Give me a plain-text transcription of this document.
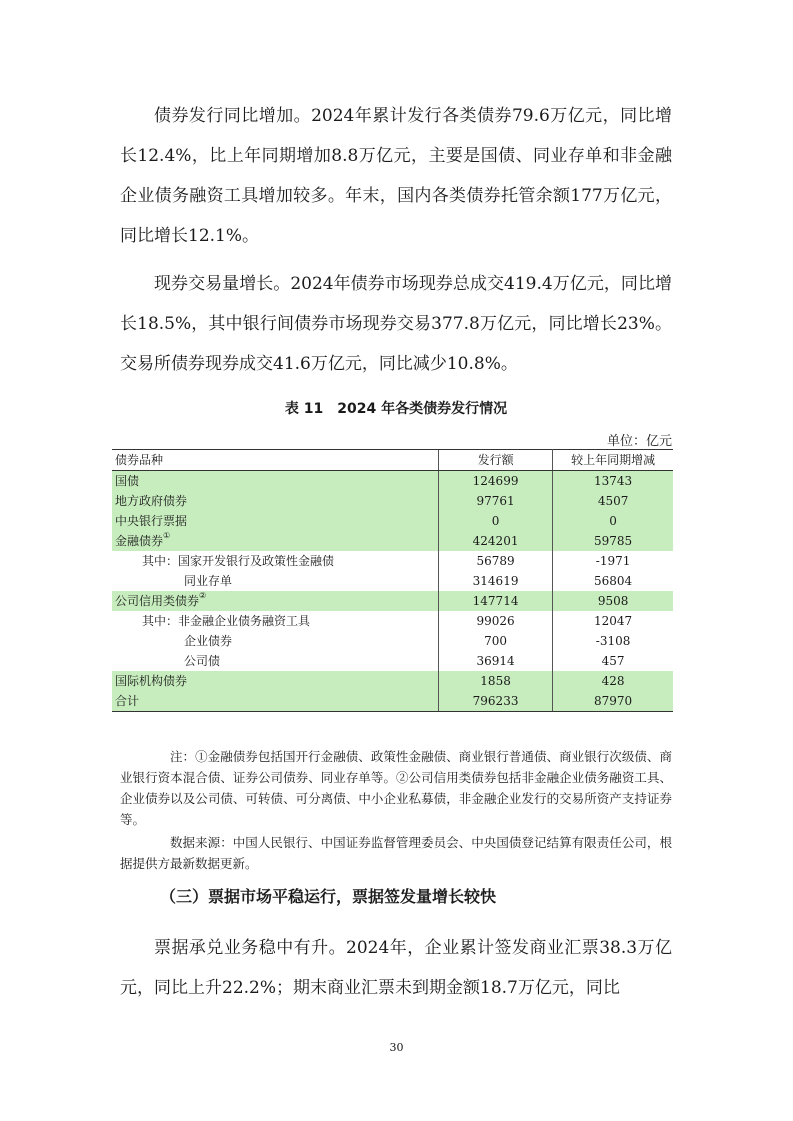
债券发行同比增加。2024年累计发行各类债券79.6万亿元，同比增长12.4%，比上年同期增加8.8万亿元，主要是国债、同业存单和非金融企业债务融资工具增加较多。年末，国内各类债券托管余额177万亿元，同比增长12.1%。

现券交易量增长。2024年债券市场现券总成交419.4万亿元，同比增长18.5%，其中银行间债券市场现券交易377.8万亿元，同比增长23%。交易所债券现券成交41.6万亿元，同比减少10.8%。

表 11　2024 年各类债券发行情况
单位：亿元
债券品种	发行额	较上年同期增减
国债	124699	13743
地方政府债券	97761	4507
中央银行票据	0	0
金融债券①	424201	59785
其中：国家开发银行及政策性金融债	56789	-1971
同业存单	314619	56804
公司信用类债券②	147714	9508
其中：非金融企业债务融资工具	99026	12047
企业债券	700	-3108
公司债	36914	457
国际机构债券	1858	428
合计	796233	87970

注：①金融债券包括国开行金融债、政策性金融债、商业银行普通债、商业银行次级债、商业银行资本混合债、证券公司债券、同业存单等。②公司信用类债券包括非金融企业债务融资工具、企业债券以及公司债、可转债、可分离债、中小企业私募债，非金融企业发行的交易所资产支持证券等。

数据来源：中国人民银行、中国证券监督管理委员会、中央国债登记结算有限责任公司，根据提供方最新数据更新。

（三）票据市场平稳运行，票据签发量增长较快

票据承兑业务稳中有升。2024年，企业累计签发商业汇票38.3万亿元，同比上升22.2%；期末商业汇票未到期金额18.7万亿元，同比

30
